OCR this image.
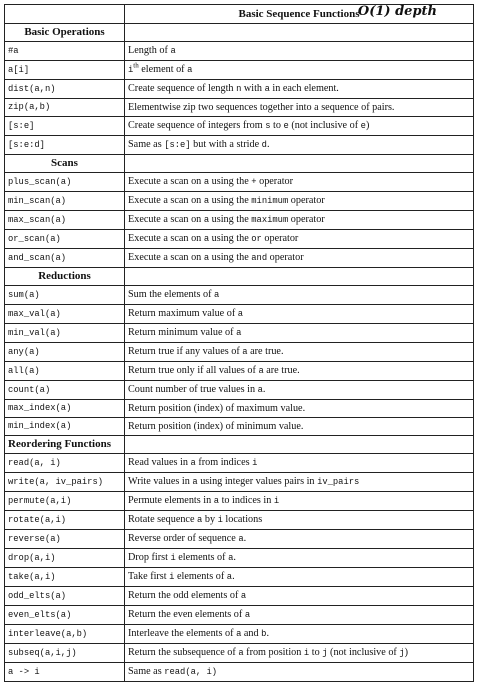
	Basic Sequence Functions
O(1) depth

Basic Operations	
#a	Length of a
a[i]	$i^{th}$ element of a
dist(a,n)	Create sequence of length n with a in each element.
zip(a,b)	Elementwise zip two sequences together into a sequence of pairs.
[s:e]	Create sequence of integers from s to e (not inclusive of e)
[s:e:d]	Same as [s:e] but with a stride d.
Scans	
plus_scan(a)	Execute a scan on a using the + operator
min_scan(a)	Execute a scan on a using the minimum operator
max_scan(a)	Execute a scan on a using the maximum operator
or_scan(a)	Execute a scan on a using the or operator
and_scan(a)	Execute a scan on a using the and operator
Reductions	
sum(a)	Sum the elements of a
max_val(a)	Return maximum value of a
min_val(a)	Return minimum value of a
any(a)	Return true if any values of a are true.
all(a)	Return true only if all values of a are true.
count(a)	Count number of true values in a.
max_index(a)	Return position (index) of maximum value.
min_index(a)	Return position (index) of minimum value.
Reordering Functions	
read(a, i)	Read values in a from indices i
write(a, iv_pairs)	Write values in a using integer values pairs in iv_pairs
permute(a,i)	Permute elements in a to indices in i
rotate(a,i)	Rotate sequence a by i locations
reverse(a)	Reverse order of sequence a.
drop(a,i)	Drop first i elements of a.
take(a,i)	Take first i elements of a.
odd_elts(a)	Return the odd elements of a
even_elts(a)	Return the even elements of a
interleave(a,b)	Interleave the elements of a and b.
subseq(a,i,j)	Return the subsequence of a from position i to j (not inclusive of j)
a -> i	Same as read(a, i)
